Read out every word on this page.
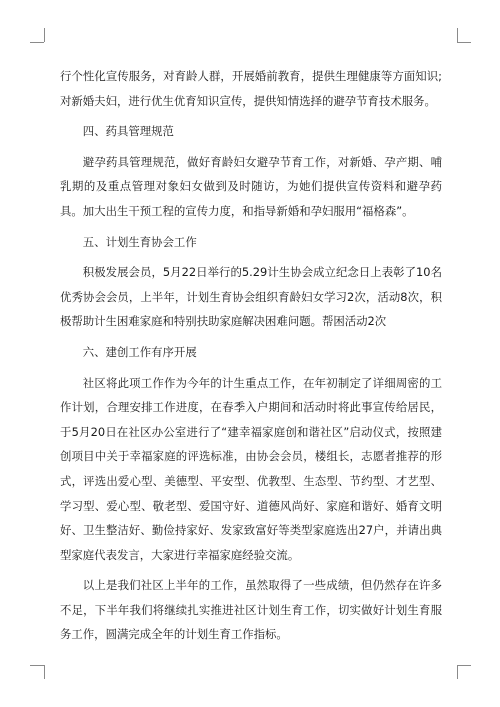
行个性化宣传服务，对育龄人群，开展婚前教育，提供生理健康等方面知识;对新婚夫妇，进行优生优育知识宣传，提供知情选择的避孕节育技术服务。

四、药具管理规范

避孕药具管理规范，做好育龄妇女避孕节育工作，对新婚、孕产期、哺乳期的及重点管理对象妇女做到及时随访，为她们提供宣传资料和避孕药具。加大出生干预工程的宣传力度，和指导新婚和孕妇服用“福格森”。

五、计划生育协会工作

积极发展会员，5月22日举行的5.29计生协会成立纪念日上表彰了10名优秀协会会员，上半年，计划生育协会组织育龄妇女学习2次，活动8次，积极帮助计生困难家庭和特别扶助家庭解决困难问题。帮困活动2次

六、建创工作有序开展

社区将此项工作作为今年的计生重点工作，在年初制定了详细周密的工作计划，合理安排工作进度，在春季入户期间和活动时将此事宣传给居民，于5月20日在社区办公室进行了“建幸福家庭创和谐社区”启动仪式，按照建创项目中关于幸福家庭的评选标准，由协会会员，楼组长，志愿者推荐的形式，评选出爱心型、美德型、平安型、优教型、生态型、节约型、才艺型、学习型、爱心型、敬老型、爱国守好、道德风尚好、家庭和谐好、婚育文明好、卫生整洁好、勤俭持家好、发家致富好等类型家庭选出27户，并请出典型家庭代表发言，大家进行幸福家庭经验交流。

以上是我们社区上半年的工作，虽然取得了一些成绩，但仍然存在许多不足，下半年我们将继续扎实推进社区计划生育工作，切实做好计划生育服务工作，圆满完成全年的计划生育工作指标。
